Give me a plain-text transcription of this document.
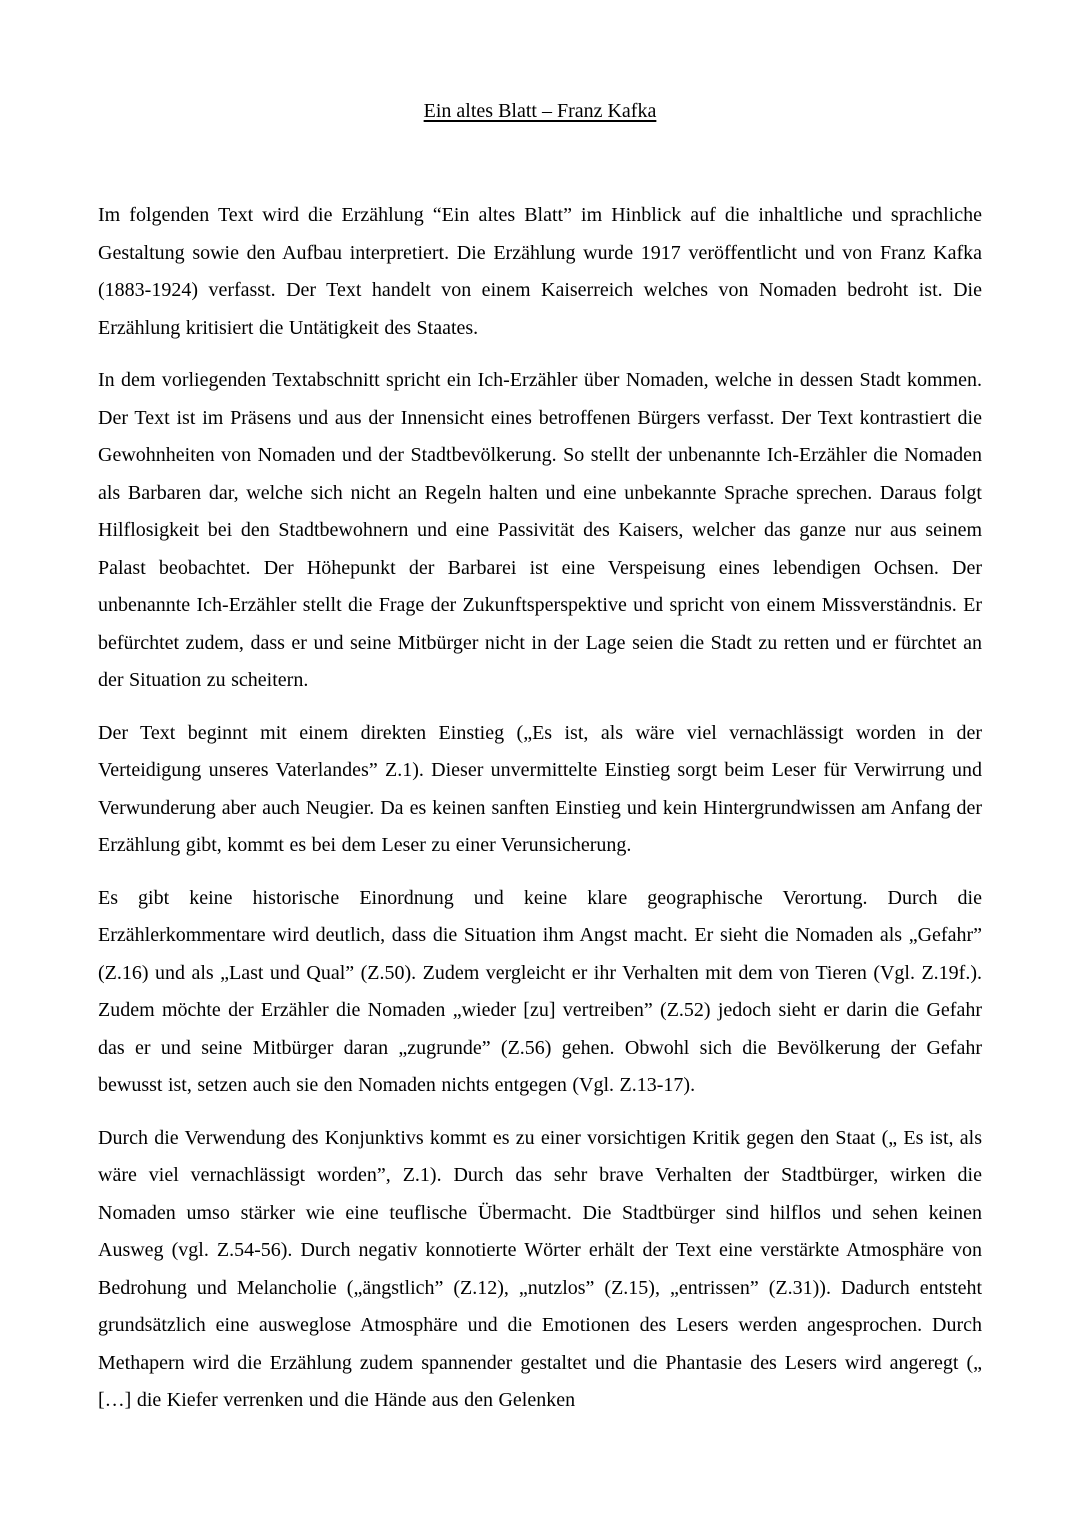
Ein altes Blatt – Franz Kafka

Im folgenden Text wird die Erzählung “Ein altes Blatt” im Hinblick auf die inhaltliche und sprachliche Gestaltung sowie den Aufbau interpretiert. Die Erzählung wurde 1917 veröffentlicht und von Franz Kafka (1883-1924) verfasst. Der Text handelt von einem Kaiserreich welches von Nomaden bedroht ist. Die Erzählung kritisiert die Untätigkeit des Staates.

In dem vorliegenden Textabschnitt spricht ein Ich-Erzähler über Nomaden, welche in dessen Stadt kommen. Der Text ist im Präsens und aus der Innensicht eines betroffenen Bürgers verfasst. Der Text kontrastiert die Gewohnheiten von Nomaden und der Stadtbevölkerung. So stellt der unbenannte Ich-Erzähler die Nomaden als Barbaren dar, welche sich nicht an Regeln halten und eine unbekannte Sprache sprechen. Daraus folgt Hilflosigkeit bei den Stadtbewohnern und eine Passivität des Kaisers, welcher das ganze nur aus seinem Palast beobachtet. Der Höhepunkt der Barbarei ist eine Verspeisung eines lebendigen Ochsen. Der unbenannte Ich-Erzähler stellt die Frage der Zukunftsperspektive und spricht von einem Missverständnis. Er befürchtet zudem, dass er und seine Mitbürger nicht in der Lage seien die Stadt zu retten und er fürchtet an der Situation zu scheitern.

Der Text beginnt mit einem direkten Einstieg („Es ist, als wäre viel vernachlässigt worden in der Verteidigung unseres Vaterlandes” Z.1). Dieser unvermittelte Einstieg sorgt beim Leser für Verwirrung und Verwunderung aber auch Neugier. Da es keinen sanften Einstieg und kein Hintergrundwissen am Anfang der Erzählung gibt, kommt es bei dem Leser zu einer Verunsicherung.

Es gibt keine historische Einordnung und keine klare geographische Verortung. Durch die Erzählerkommentare wird deutlich, dass die Situation ihm Angst macht. Er sieht die Nomaden als „Gefahr” (Z.16) und als „Last und Qual” (Z.50). Zudem vergleicht er ihr Verhalten mit dem von Tieren (Vgl. Z.19f.). Zudem möchte der Erzähler die Nomaden „wieder [zu] vertreiben” (Z.52) jedoch sieht er darin die Gefahr das er und seine Mitbürger daran „zugrunde” (Z.56) gehen. Obwohl sich die Bevölkerung der Gefahr bewusst ist, setzen auch sie den Nomaden nichts entgegen (Vgl. Z.13-17).

Durch die Verwendung des Konjunktivs kommt es zu einer vorsichtigen Kritik gegen den Staat („ Es ist, als wäre viel vernachlässigt worden”, Z.1). Durch das sehr brave Verhalten der Stadtbürger, wirken die Nomaden umso stärker wie eine teuflische Übermacht. Die Stadtbürger sind hilflos und sehen keinen Ausweg (vgl. Z.54-56). Durch negativ konnotierte Wörter erhält der Text eine verstärkte Atmosphäre von Bedrohung und Melancholie („ängstlich” (Z.12), „nutzlos” (Z.15), „entrissen” (Z.31)). Dadurch entsteht grundsätzlich eine ausweglose Atmosphäre und die Emotionen des Lesers werden angesprochen. Durch Methapern wird die Erzählung zudem spannender gestaltet und die Phantasie des Lesers wird angeregt („ […] die Kiefer verrenken und die Hände aus den Gelenken
